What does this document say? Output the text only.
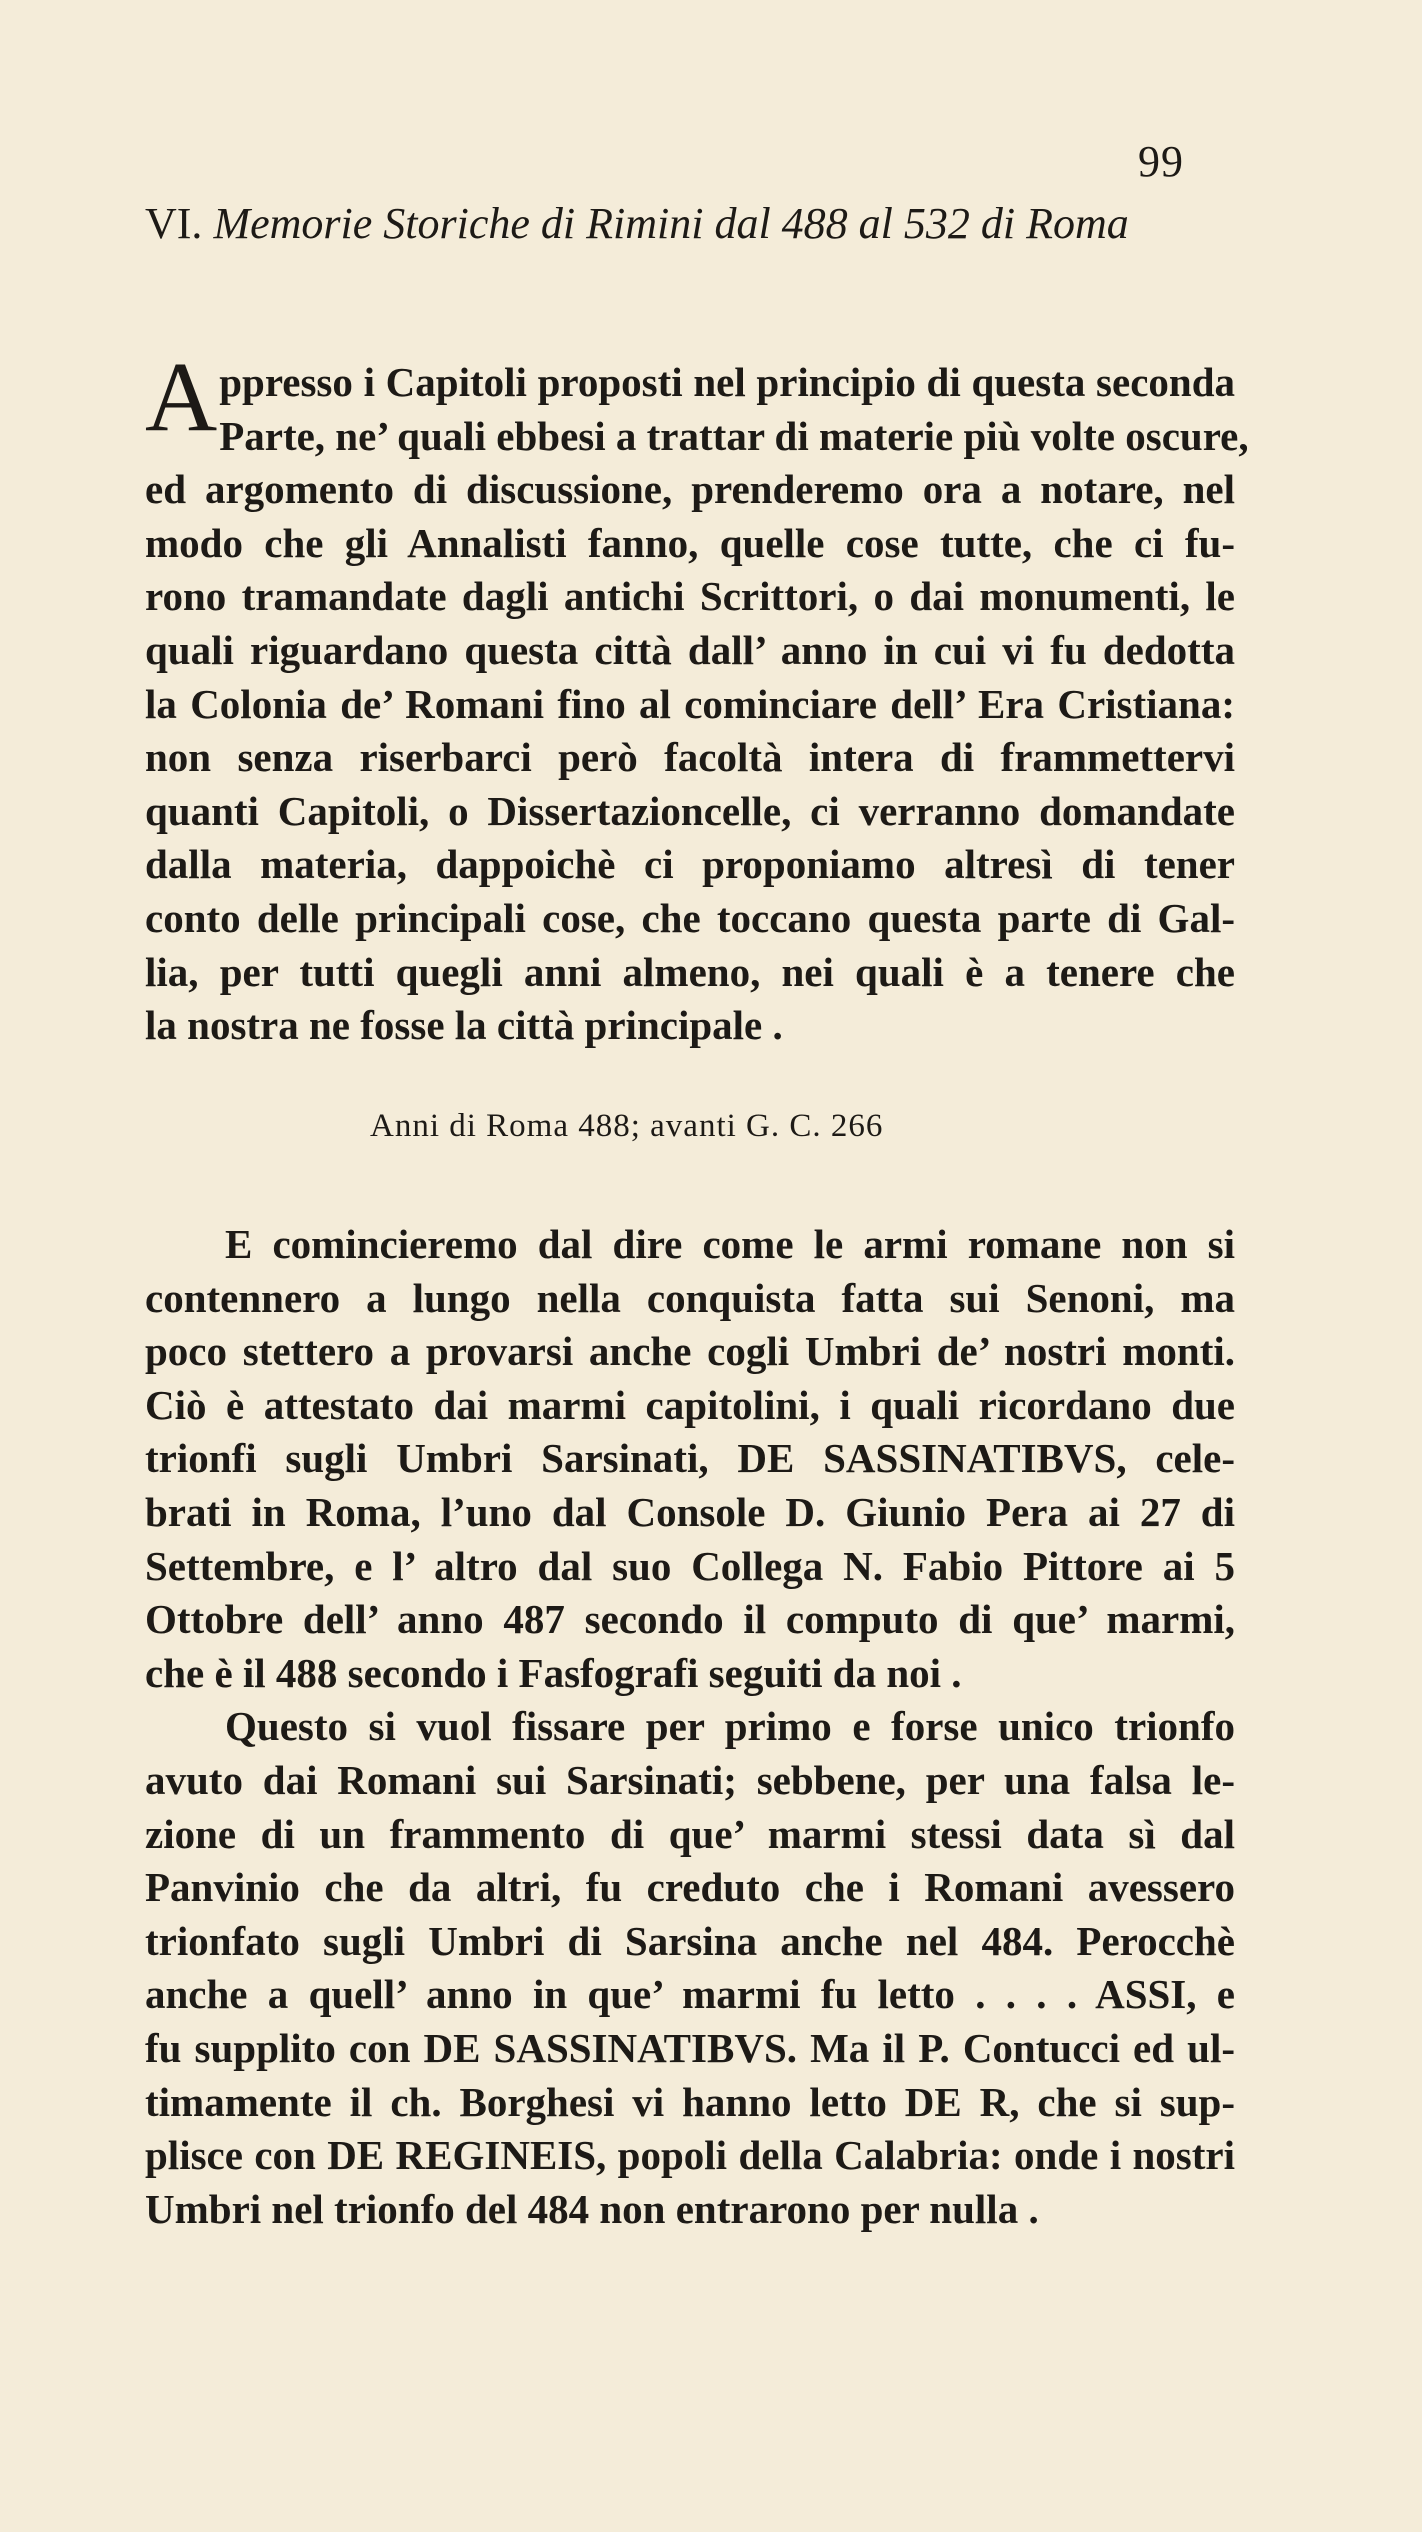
99
VI. Memorie Storiche di Rimini dal 488 al 532 di Roma
A ppresso i Capitoli proposti nel principio di questa seconda
Parte, ne’ quali ebbesi a trattar di materie più volte oscure,
ed argomento di discussione, prenderemo ora a notare, nel
modo che gli Annalisti fanno, quelle cose tutte, che ci fu-
rono tramandate dagli antichi Scrittori, o dai monumenti, le
quali riguardano questa città dall’ anno in cui vi fu dedotta
la Colonia de’ Romani fino al cominciare dell’ Era Cristiana:
non senza riserbarci però facoltà intera di frammettervi
quanti Capitoli, o Dissertazioncelle, ci verranno domandate
dalla materia, dappoichè ci proponiamo altresì di tener
conto delle principali cose, che toccano questa parte di Gal-
lia, per tutti quegli anni almeno, nei quali è a tenere che
la nostra ne fosse la città principale .
Anni di Roma 488; avanti G. C. 266
E comincieremo dal dire come le armi romane non si
contennero a lungo nella conquista fatta sui Senoni, ma
poco stettero a provarsi anche cogli Umbri de’ nostri monti.
Ciò è attestato dai marmi capitolini, i quali ricordano due
trionfi sugli Umbri Sarsinati, DE SASSINATIBVS, cele-
brati in Roma, l’uno dal Console D. Giunio Pera ai 27 di
Settembre, e l’ altro dal suo Collega N. Fabio Pittore ai 5
Ottobre dell’ anno 487 secondo il computo di que’ marmi,
che è il 488 secondo i Fasfografi seguiti da noi .
Questo si vuol fissare per primo e forse unico trionfo
avuto dai Romani sui Sarsinati; sebbene, per una falsa le-
zione di un frammento di que’ marmi stessi data sì dal
Panvinio che da altri, fu creduto che i Romani avessero
trionfato sugli Umbri di Sarsina anche nel 484. Perocchè
anche a quell’ anno in que’ marmi fu letto . . . . ASSI, e
fu supplito con DE SASSINATIBVS. Ma il P. Contucci ed ul-
timamente il ch. Borghesi vi hanno letto DE R, che si sup-
plisce con DE REGINEIS, popoli della Calabria: onde i nostri
Umbri nel trionfo del 484 non entrarono per nulla .
